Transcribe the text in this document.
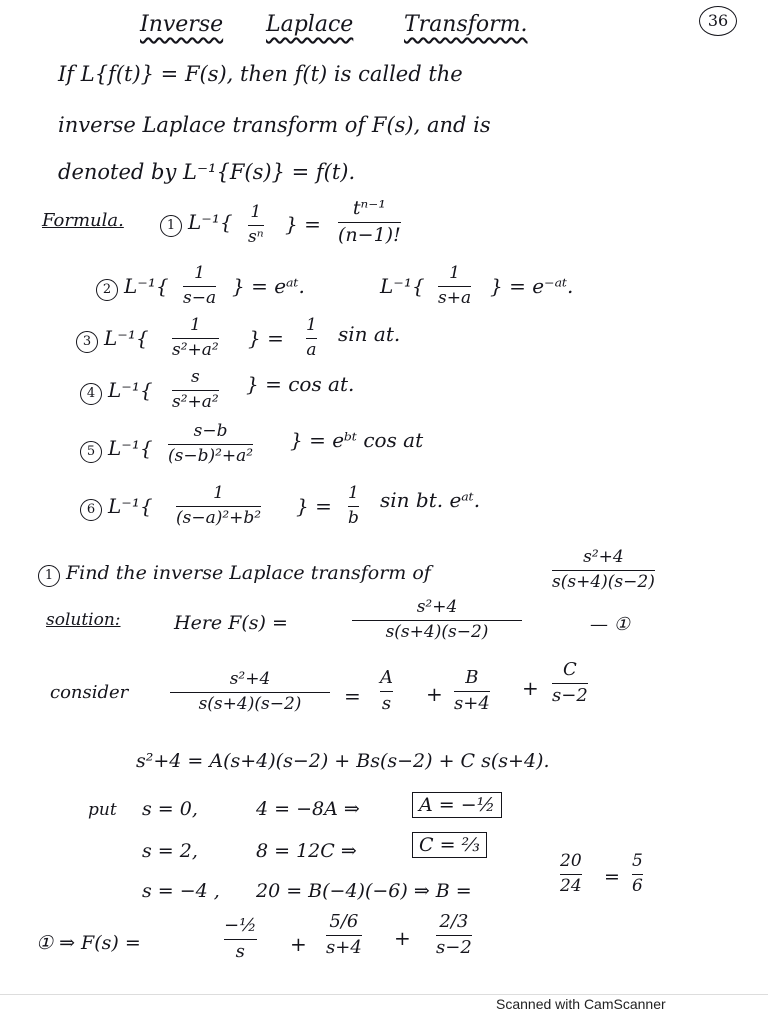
36
Inverse Laplace Transform.
If L{f(t)} = F(s), then f(t) is called the
inverse Laplace transform of F(s), and is
denoted by L⁻¹{F(s)} = f(t).
Formula.	1 L⁻¹{ 1
sⁿ
} =
tⁿ⁻¹
(n−1)!
2 L⁻¹{
1
s−a } = eᵃᵗ.	L⁻¹{
1
s+a } = e⁻ᵃᵗ.
3 L⁻¹{
1
s²+a² } =
1
a
sin at.
4 L⁻¹{
s
s²+a²
} = cos at.
5 L⁻¹{
s−b
(s−b)²+a²
} = eᵇᵗ cos at
6 L⁻¹{
1
(s−a)²+b² } =
1
b
sin bt. eᵃᵗ.
1 Find the inverse Laplace transform of
s²+4
s(s+4)(s−2)
solution:	Here F(s) =
s²+4
s(s+4)(s−2)	— ①
consider
s²+4
s(s+4)(s−2) =
A
s +
B
s+4
+
C
s−2
s²+4 = A(s+4)(s−2) + Bs(s−2) + C s(s+4).
put s = 0,	4 = −8A ⇒	A = −½
s = 2,	8 = 12C ⇒	C = ⅔
s = −4 , 20 = B(−4)(−6) ⇒ B =
20
24 =
5
6
① ⇒ F(s) =
−½
s +
5/6
s+4 +
2/3
s−2
Scanned with CamScanner
